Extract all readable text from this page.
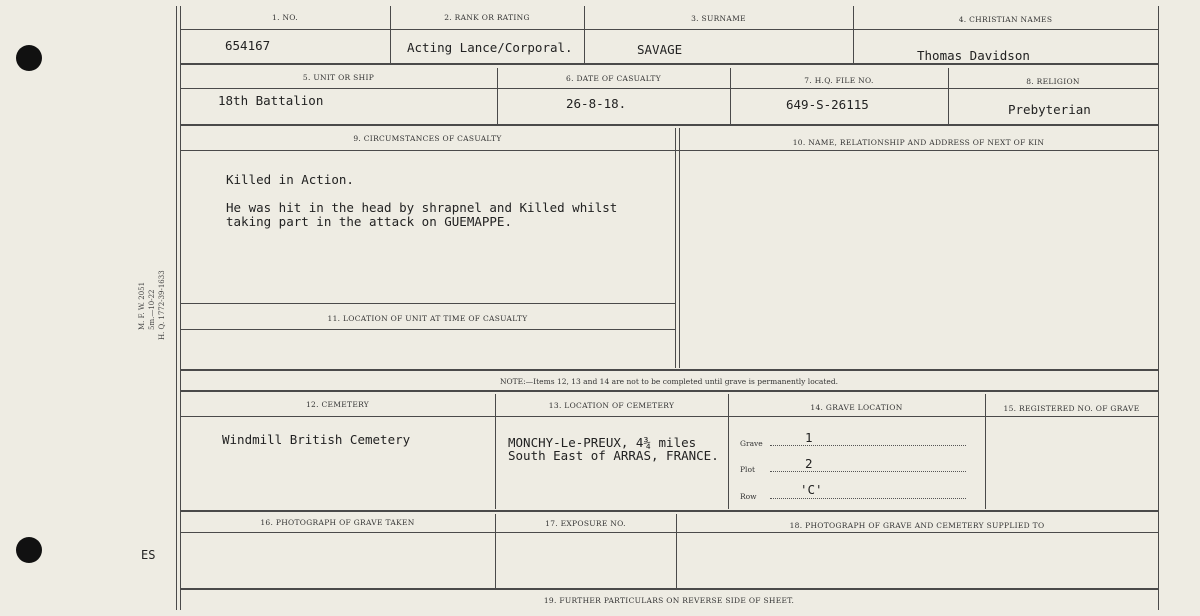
M. F. W. 2051 5m.—10-22 H. Q. 1772-39-1633
ES
1. NO.	2. RANK OR RATING	3. SURNAME	4. CHRISTIAN NAMES
654167	Acting Lance/Corporal.	SAVAGE	Thomas Davidson
5. UNIT OR SHIP	6. DATE OF CASUALTY	7. H.Q. FILE NO.	8. RELIGION
18th Battalion	26-8-18.	649-S-26115	Prebyterian
9. CIRCUMSTANCES OF CASUALTY	10. NAME, RELATIONSHIP AND ADDRESS OF NEXT OF KIN
Killed in Action.
He was hit in the head by shrapnel and Killed whilst
taking part in the attack on GUEMAPPE.
11. LOCATION OF UNIT AT TIME OF CASUALTY
NOTE:—Items 12, 13 and 14 are not to be completed until grave is permanently located.
12. CEMETERY	13. LOCATION OF CEMETERY	14. GRAVE LOCATION	15. REGISTERED NO. OF GRAVE
Windmill British Cemetery	MONCHY-Le-PREUX, 4¾ miles
South East of ARRAS, FRANCE.
Grave	1
Plot	2
Row	'C'
16. PHOTOGRAPH OF GRAVE TAKEN	17. EXPOSURE NO.	18. PHOTOGRAPH OF GRAVE AND CEMETERY SUPPLIED TO
19. FURTHER PARTICULARS ON REVERSE SIDE OF SHEET.
